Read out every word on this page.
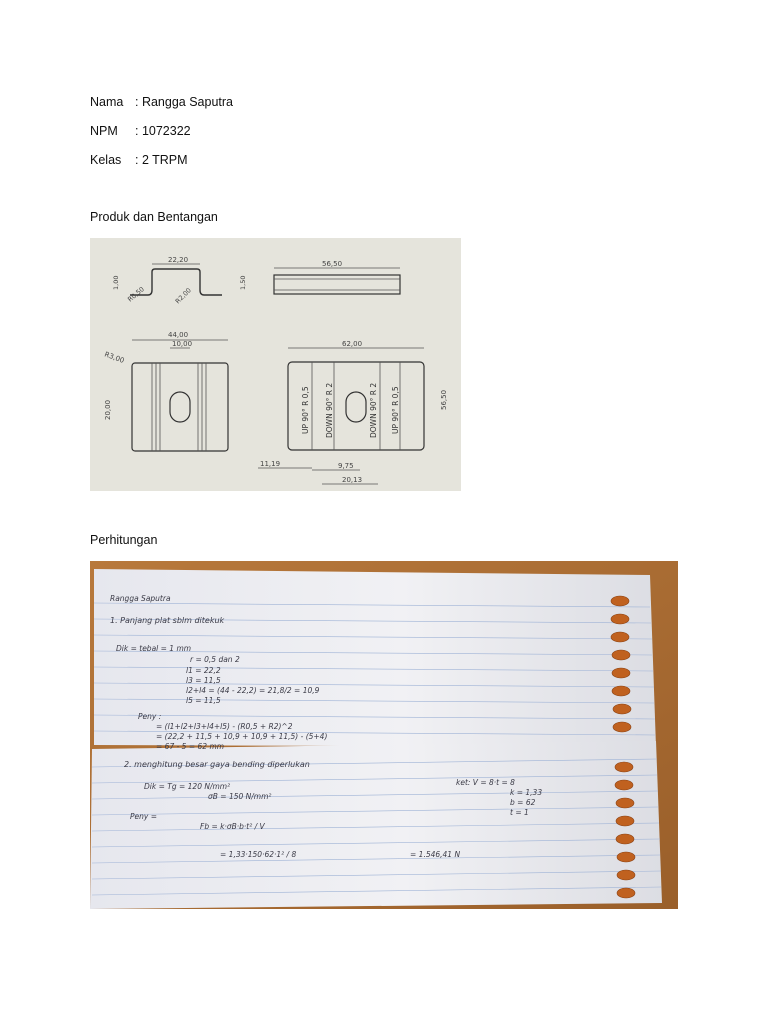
Nama : Rangga Saputra
NPM : 1072322
Kelas : 2 TRPM
Produk dan Bentangan
22,20
1,00	1,50
R0,50	R2,00
56,50
44,00
10,00
R3,00
20,00
62,00
56,50
UP 90° R 0,5 DOWN 90° R 2	DOWN 90° R 2 UP 90° R 0,5
11,19	9,75
20,13
Perhitungan
Rangga Saputra
1. Panjang plat sblm ditekuk
Dik = tebal = 1 mm
r = 0,5 dan 2
l1 = 22,2
l3 = 11,5
l2+l4 = (44 - 22,2) = 21,8/2 = 10,9
l5 = 11,5
Peny :
= (l1+l2+l3+l4+l5) - (R0,5 + R2)^2
= (22,2 + 11,5 + 10,9 + 10,9 + 11,5) - (5+4)
= 67 - 5 = 62 mm
2. menghitung besar gaya bending diperlukan
Dik = Tg = 120 N/mm²
σB = 150 N/mm²
ket: V = 8·t = 8
k = 1,33
b = 62
t = 1
Peny =
Fb = k·σB·b·t² / V
= 1,33·150·62·1² / 8	= 1.546,41 N
